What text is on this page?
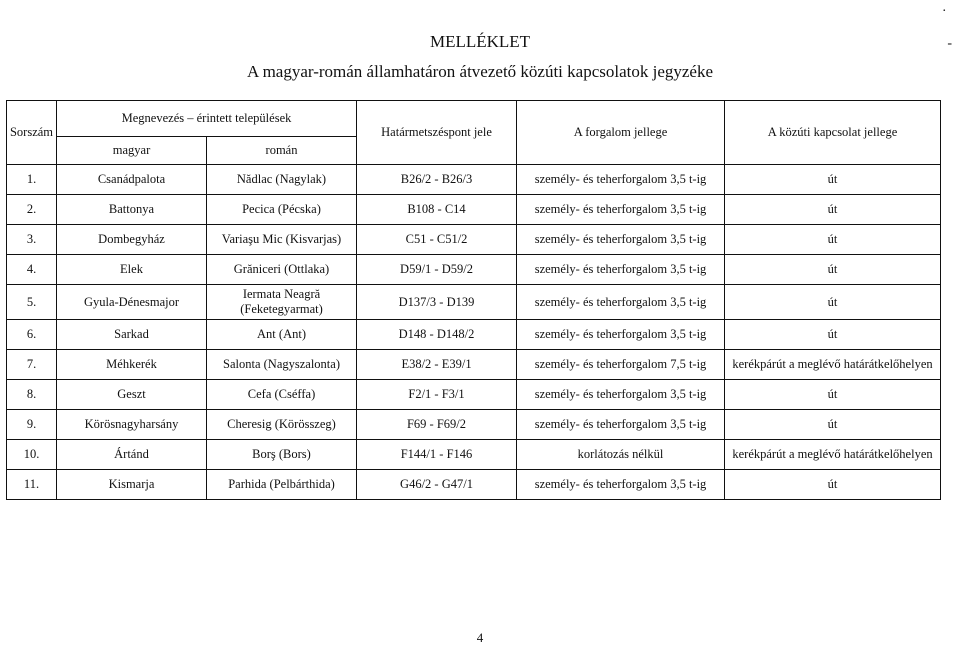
.
-
MELLÉKLET
A magyar-román államhatáron átvezető közúti kapcsolatok jegyzéke
Sorszám	Megnevezés – érintett települések		Határmetszéspont jele	A forgalom jellege	A közúti kapcsolat jellege
	magyar	román			
1.	Csanádpalota	Nădlac (Nagylak)	B26/2 - B26/3	személy- és teherforgalom 3,5 t-ig	út
2.	Battonya	Pecica (Pécska)	B108 - C14	személy- és teherforgalom 3,5 t-ig	út
3.	Dombegyház	Variaşu Mic (Kisvarjas)	C51 - C51/2	személy- és teherforgalom 3,5 t-ig	út
4.	Elek	Grăniceri (Ottlaka)	D59/1 - D59/2	személy- és teherforgalom 3,5 t-ig	út
5.	Gyula-Dénesmajor	Iermata Neagră (Feketegyarmat)	D137/3 - D139	személy- és teherforgalom 3,5 t-ig	út
6.	Sarkad	Ant (Ant)	D148 - D148/2	személy- és teherforgalom 3,5 t-ig	út
7.	Méhkerék	Salonta (Nagyszalonta)	E38/2 - E39/1	személy- és teherforgalom 7,5 t-ig	kerékpárút a meglévő határátkelőhelyen
8.	Geszt	Cefa (Cséffa)	F2/1 - F3/1	személy- és teherforgalom 3,5 t-ig	út
9.	Körösnagyharsány	Cheresig (Körösszeg)	F69 - F69/2	személy- és teherforgalom 3,5 t-ig	út
10.	Ártánd	Borş (Bors)	F144/1 - F146	korlátozás nélkül	kerékpárút a meglévő határátkelőhelyen
11.	Kismarja	Parhida (Pelbárthida)	G46/2 - G47/1	személy- és teherforgalom 3,5 t-ig	út
4
